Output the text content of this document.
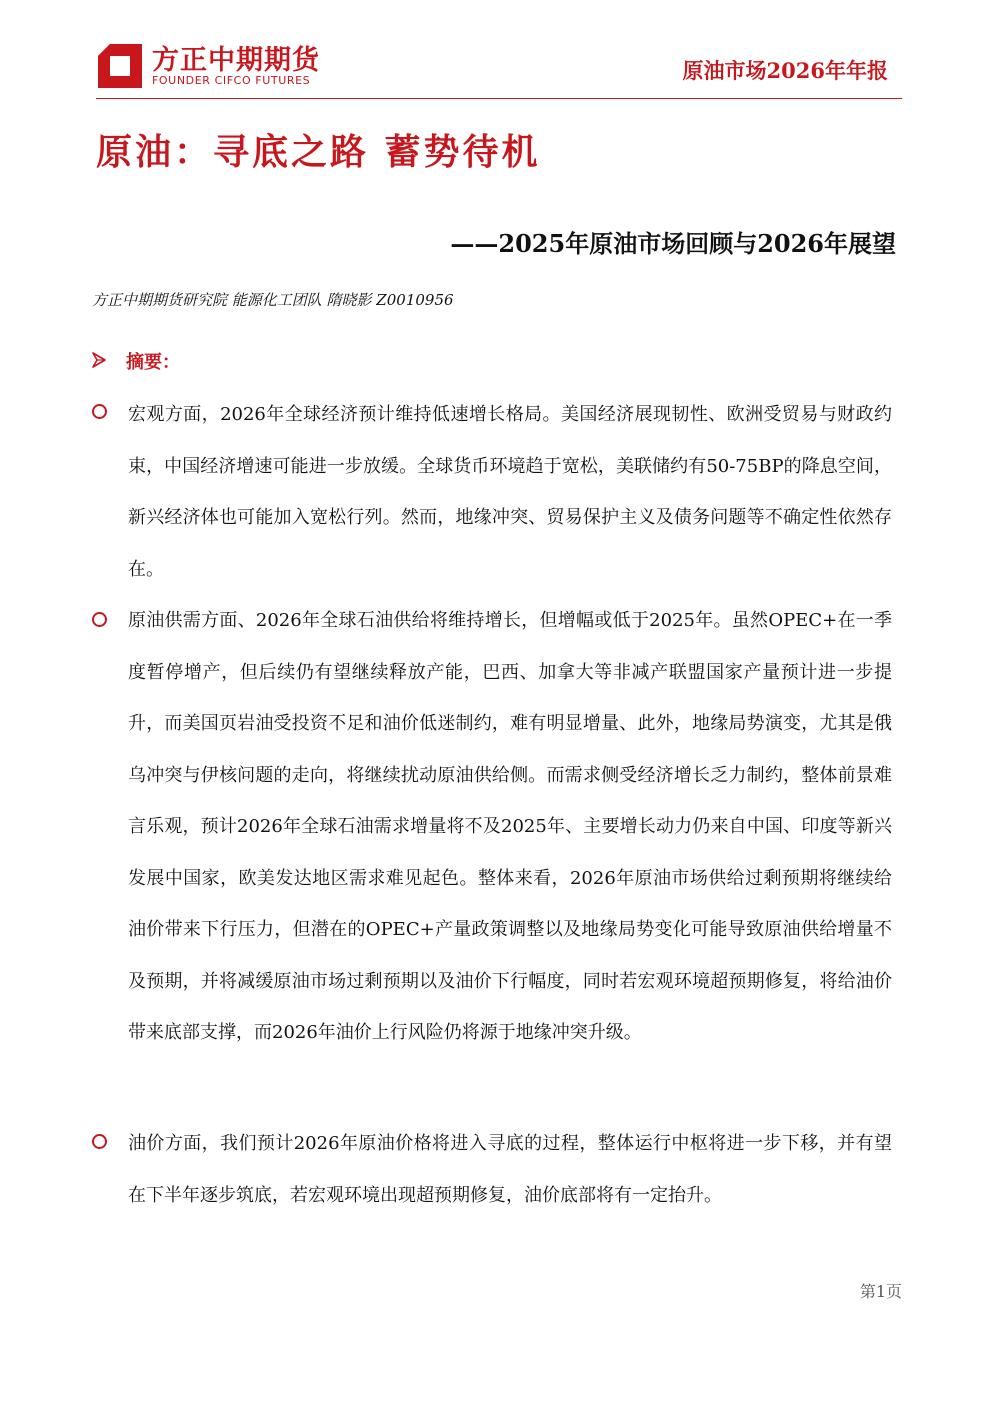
方正中期期货
FOUNDER CIFCO FUTURES	原油市场2026年年报
原油：寻底之路 蓄势待机
——2025年原油市场回顾与2026年展望
方正中期期货研究院 能源化工团队 隋晓影 Z0010956
摘要：

宏观方面，2026年全球经济预计维持低速增长格局。美国经济展现韧性、欧洲受贸易与财政约束，中国经济增速可能进一步放缓。全球货币环境趋于宽松，美联储约有50-75BP的降息空间，新兴经济体也可能加入宽松行列。然而，地缘冲突、贸易保护主义及债务问题等不确定性依然存在。

原油供需方面、2026年全球石油供给将维持增长，但增幅或低于2025年。虽然OPEC+在一季度暂停增产，但后续仍有望继续释放产能，巴西、加拿大等非减产联盟国家产量预计进一步提升，而美国页岩油受投资不足和油价低迷制约，难有明显增量、此外，地缘局势演变，尤其是俄乌冲突与伊核问题的走向，将继续扰动原油供给侧。而需求侧受经济增长乏力制约，整体前景难言乐观，预计2026年全球石油需求增量将不及2025年、主要增长动力仍来自中国、印度等新兴发展中国家，欧美发达地区需求难见起色。整体来看，2026年原油市场供给过剩预期将继续给油价带来下行压力，但潜在的OPEC+产量政策调整以及地缘局势变化可能导致原油供给增量不及预期，并将减缓原油市场过剩预期以及油价下行幅度，同时若宏观环境超预期修复，将给油价带来底部支撑，而2026年油价上行风险仍将源于地缘冲突升级。

油价方面，我们预计2026年原油价格将进入寻底的过程，整体运行中枢将进一步下移，并有望在下半年逐步筑底，若宏观环境出现超预期修复，油价底部将有一定抬升。

第1页
